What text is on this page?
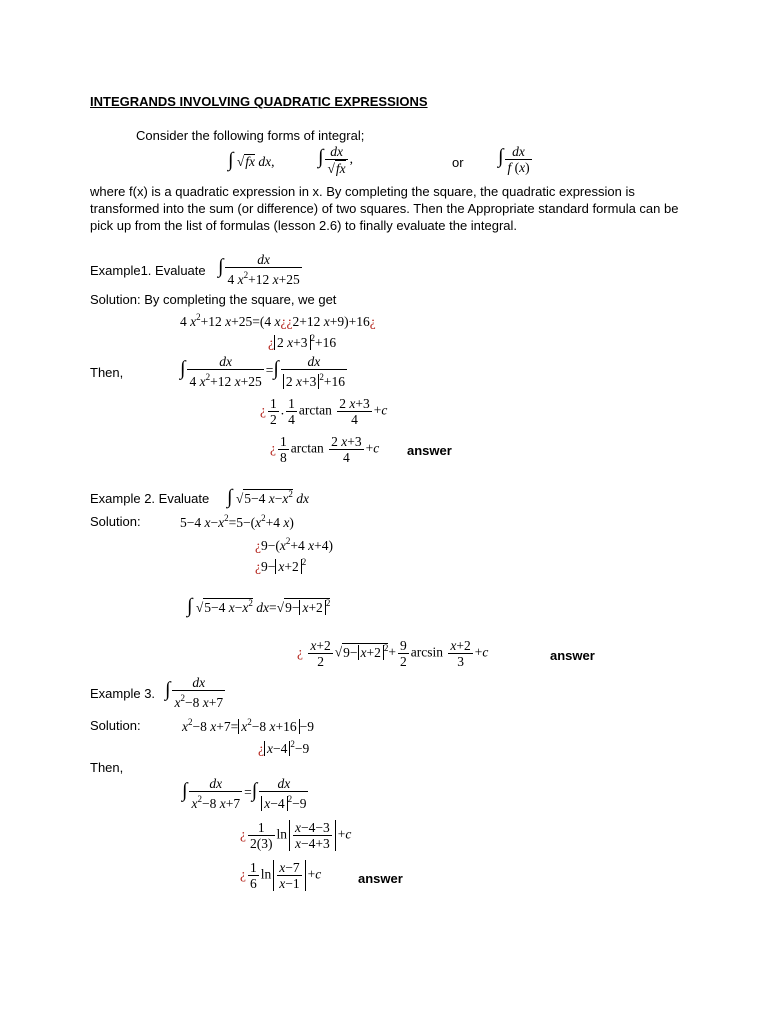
INTEGRANDS INVOLVING QUADRATIC EXPRESSIONS
Consider the following forms of integral;
∫ √fx dx, ∫ $\frac{dx}{√fx}$ ,	or ∫ $\frac{dx}{f (x)}$
where f(x) is a quadratic expression in x. By completing the square, the quadratic expression is transformed into the sum (or difference) of two squares. Then the Appropriate standard formula can be pick up from the list of formulas (lesson 2.6) to finally evaluate the integral.
Example1. Evaluate ∫ $\frac{dx}{4 x^2+12 x+25}$
Solution: By completing the square, we get
4 $x^2+12$ x+25=(4 x¿¿2+12 x+9)+16¿
¿ 2 x+3 $^2$+16
Then,	∫ $\frac{dx}{4 x^2+12 x+25}$ =∫ $\frac{dx}{2 x+3 ^2+16}$
¿ $\frac{1}{2}$ . $\frac{1}{4}$ $\arctan \frac{2 x+3}{4} +c$
¿ $\frac{1}{8}$ $\arctan \frac{2 x+3}{4} +c$ answer
Example 2. Evaluate ∫ √5−4 $x-x^2$ dx
Solution:	5−4 $x-x^2=5-(x^2+4$ x)
¿$9-(x^2+4$ x+4)
¿9− x+2 $^2$
∫ √5−4 $x-x^2$ dx=√9− x+2 $^2$
¿ $\frac{x+2}{2} √9- x+2$ $^2+ \frac{9}{2}$ $\arcsin \frac{x+2}{3} +c$	answer
Example 3. ∫ $\frac{dx}{x^2-8 x+7}$
Solution:	$x^2-8$ $x+7= x^2-8$ x+16 −9
¿ x−4 $^2$−9
Then,
∫ $\frac{dx}{x^2-8 x+7}$ =∫ $\frac{dx}{x-4 ^2-9}$
¿ $\frac{1}{2(3)}$ $\ln \frac{x-4-3}{x-4+3} +c$
¿ $\frac{1}{6}$ $\ln \frac{x-7}{x-1} +c$	answer
